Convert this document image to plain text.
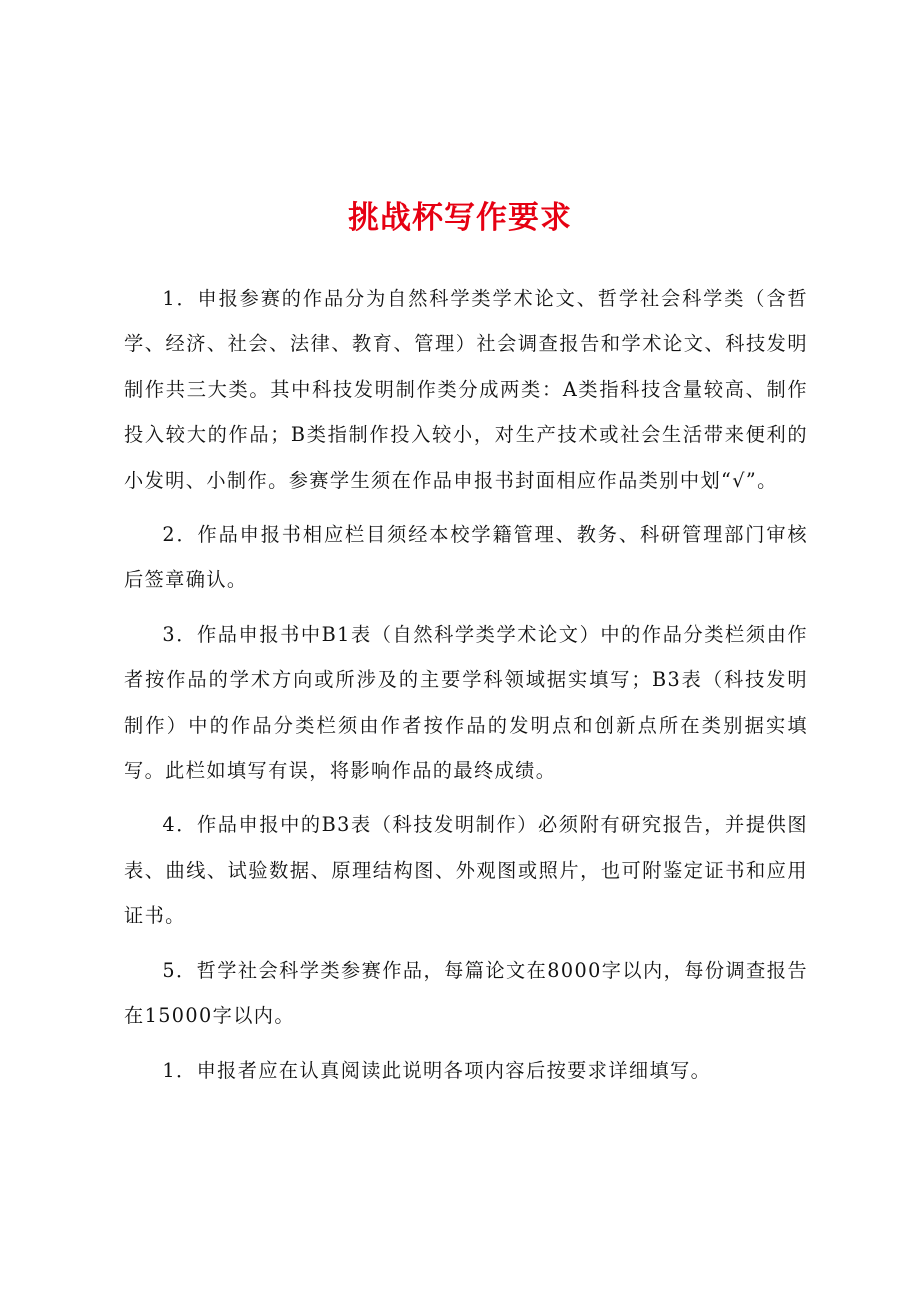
挑战杯写作要求

1．申报参赛的作品分为自然科学类学术论文、哲学社会科学类（含哲学、经济、社会、法律、教育、管理）社会调查报告和学术论文、科技发明制作共三大类。其中科技发明制作类分成两类：A类指科技含量较高、制作投入较大的作品；B类指制作投入较小，对生产技术或社会生活带来便利的小发明、小制作。参赛学生须在作品申报书封面相应作品类别中划“√”。

2．作品申报书相应栏目须经本校学籍管理、教务、科研管理部门审核后签章确认。

3．作品申报书中B1表（自然科学类学术论文）中的作品分类栏须由作者按作品的学术方向或所涉及的主要学科领域据实填写；B3表（科技发明制作）中的作品分类栏须由作者按作品的发明点和创新点所在类别据实填写。此栏如填写有误，将影响作品的最终成绩。

4．作品申报中的B3表（科技发明制作）必须附有研究报告，并提供图表、曲线、试验数据、原理结构图、外观图或照片，也可附鉴定证书和应用证书。

5．哲学社会科学类参赛作品，每篇论文在8000字以内，每份调查报告在15000字以内。

1．申报者应在认真阅读此说明各项内容后按要求详细填写。
